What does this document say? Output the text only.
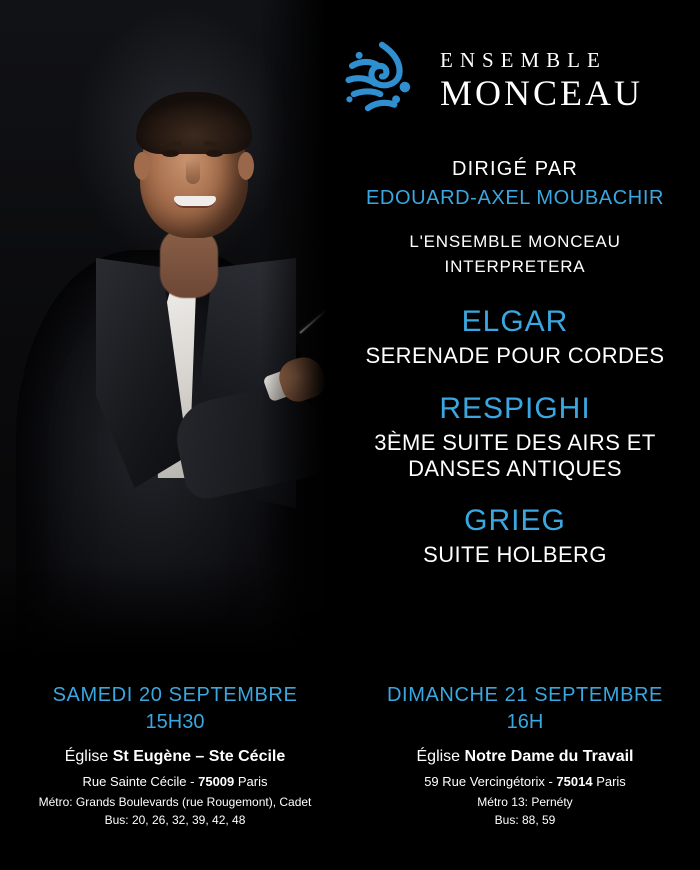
ENSEMBLE
MONCEAU
DIRIGÉ PAR
EDOUARD-AXEL MOUBACHIR
L'ENSEMBLE MONCEAU
INTERPRETERA
ELGAR
SERENADE POUR CORDES
RESPIGHI
3ÈME SUITE DES AIRS ET DANSES ANTIQUES
GRIEG
SUITE HOLBERG
SAMEDI 20 SEPTEMBRE
15H30
Église St Eugène – Ste Cécile
Rue Sainte Cécile - 75009 Paris
Métro: Grands Boulevards (rue Rougemont), Cadet
Bus: 20, 26, 32, 39, 42, 48
DIMANCHE 21 SEPTEMBRE
16H
Église Notre Dame du Travail
59 Rue Vercingétorix - 75014 Paris
Métro 13: Pernéty
Bus: 88, 59
